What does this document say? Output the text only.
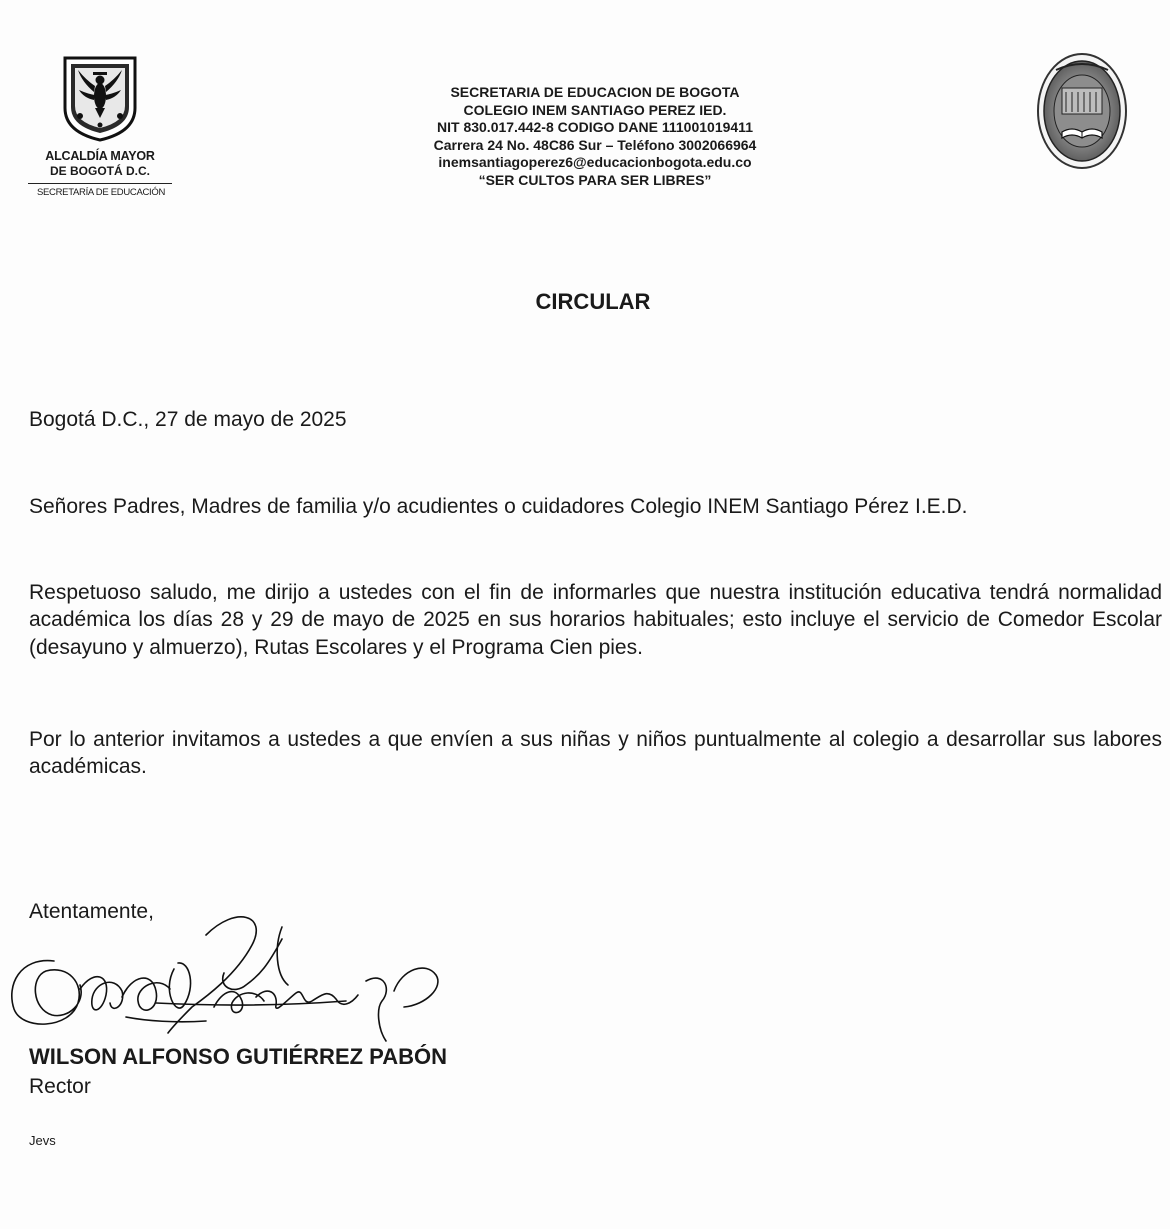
ALCALDÍA MAYOR
DE BOGOTÁ D.C.
SECRETARÍA DE EDUCACIÓN
SECRETARIA DE EDUCACION DE BOGOTA
COLEGIO INEM SANTIAGO PEREZ IED.
NIT 830.017.442-8 CODIGO DANE 111001019411
Carrera 24 No. 48C86 Sur – Teléfono 3002066964
inemsantiagoperez6@educacionbogota.edu.co
“SER CULTOS PARA SER LIBRES”
CIRCULAR
Bogotá D.C., 27 de mayo de 2025
Señores Padres, Madres de familia y/o acudientes o cuidadores Colegio INEM Santiago Pérez I.E.D.
Respetuoso saludo, me dirijo a ustedes con el fin de informarles que nuestra institución educativa tendrá normalidad académica los días 28 y 29 de mayo de 2025 en sus horarios habituales; esto incluye el servicio de Comedor Escolar (desayuno y almuerzo), Rutas Escolares y el Programa Cien pies.
Por lo anterior invitamos a ustedes a que envíen a sus niñas y niños puntualmente al colegio a desarrollar sus labores académicas.
Atentamente,
WILSON ALFONSO GUTIÉRREZ PABÓN
Rector
Jevs
